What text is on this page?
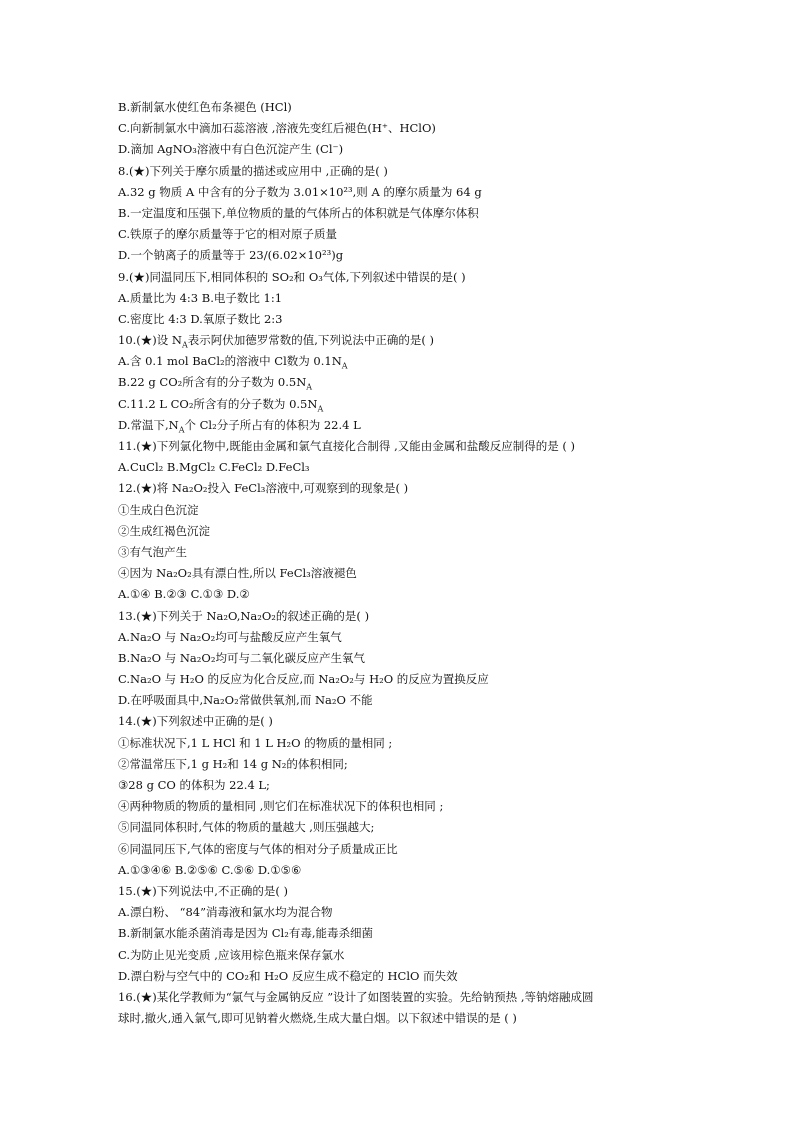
B.新制氯水使红色布条褪色 (HCl)
C.向新制氯水中滴加石蕊溶液 ,溶液先变红后褪色(H⁺、HClO)
D.滴加 AgNO₃溶液中有白色沉淀产生 (Cl⁻)
8.(★)下列关于摩尔质量的描述或应用中 ,正确的是( )
A.32 g 物质 A 中含有的分子数为 3.01×10²³,则 A 的摩尔质量为 64 g
B.一定温度和压强下,单位物质的量的气体所占的体积就是气体摩尔体积
C.铁原子的摩尔质量等于它的相对原子质量
D.一个钠离子的质量等于 23/(6.02×10²³)g
9.(★)同温同压下,相同体积的 SO₂和 O₃气体,下列叙述中错误的是( )
A.质量比为 4:3 B.电子数比 1:1
C.密度比 4:3 D.氧原子数比 2:3
10.(★)设 $N_A$表示阿伏加德罗常数的值,下列说法中正确的是( )
A.含 0.1 mol BaCl₂的溶液中 Cl数为 $0.1N_A$
B.22 g CO₂所含有的分子数为 $0.5N_A$
C.11.2 L CO₂所含有的分子数为 $0.5N_A$
D.常温下$,N_A$个 Cl₂分子所占有的体积为 22.4 L
11.(★)下列氯化物中,既能由金属和氯气直接化合制得 ,又能由金属和盐酸反应制得的是 ( )
A.CuCl₂ B.MgCl₂ C.FeCl₂ D.FeCl₃
12.(★)将 Na₂O₂投入 FeCl₃溶液中,可观察到的现象是( )
①生成白色沉淀
②生成红褐色沉淀
③有气泡产生
④因为 Na₂O₂具有漂白性,所以 FeCl₃溶液褪色
A.①④ B.②③ C.①③ D.②
13.(★)下列关于 Na₂O,Na₂O₂的叙述正确的是( )
A.Na₂O 与 Na₂O₂均可与盐酸反应产生氧气
B.Na₂O 与 Na₂O₂均可与二氧化碳反应产生氧气
C.Na₂O 与 H₂O 的反应为化合反应,而 Na₂O₂与 H₂O 的反应为置换反应
D.在呼吸面具中,Na₂O₂常做供氧剂,而 Na₂O 不能
14.(★)下列叙述中正确的是( )
①标准状况下,1 L HCl 和 1 L H₂O 的物质的量相同 ;
②常温常压下,1 g H₂和 14 g N₂的体积相同;
③28 g CO 的体积为 22.4 L;
④两种物质的物质的量相同 ,则它们在标准状况下的体积也相同 ;
⑤同温同体积时,气体的物质的量越大 ,则压强越大;
⑥同温同压下,气体的密度与气体的相对分子质量成正比
A.①③④⑥ B.②⑤⑥ C.⑤⑥ D.①⑤⑥
15.(★)下列说法中,不正确的是( )
A.漂白粉、 “84”消毒液和氯水均为混合物
B.新制氯水能杀菌消毒是因为 Cl₂有毒,能毒杀细菌
C.为防止见光变质 ,应该用棕色瓶来保存氯水
D.漂白粉与空气中的 CO₂和 H₂O 反应生成不稳定的 HClO 而失效
16.(★)某化学教师为“氯气与金属钠反应 ”设计了如图装置的实验。先给钠预热 ,等钠熔融成圆
球时,撤火,通入氯气,即可见钠着火燃烧,生成大量白烟。以下叙述中错误的是 ( )
